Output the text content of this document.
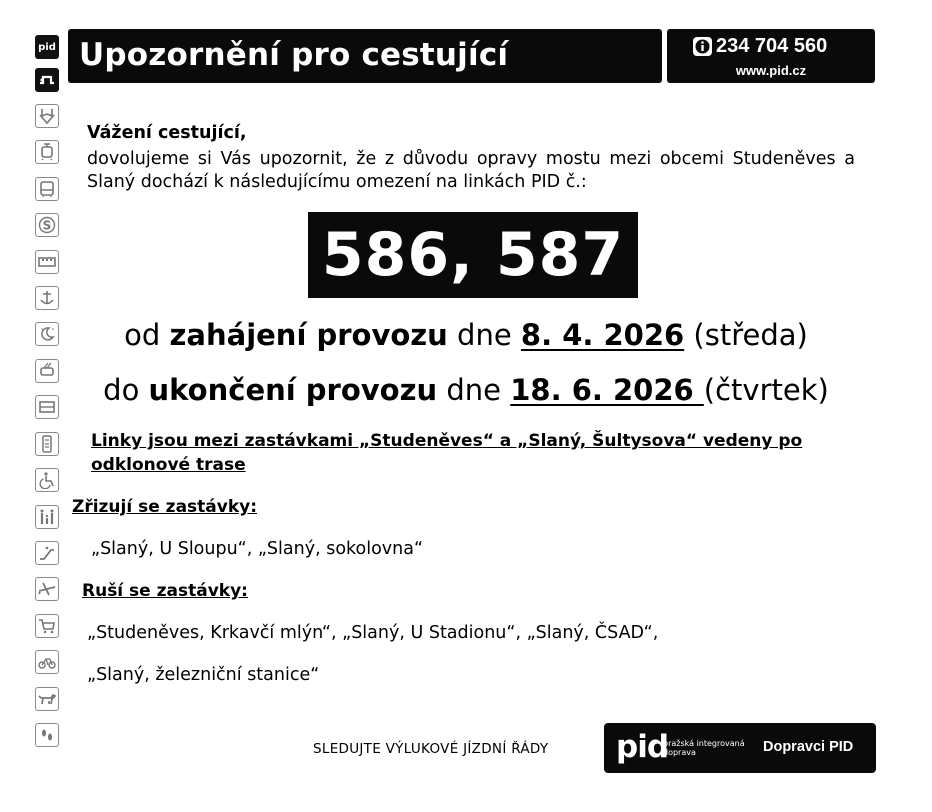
pid
S
Upozornění pro cestující	234 704 560
www.pid.cz
Vážení cestující,
dovolujeme si Vás upozornit, že z důvodu opravy mostu mezi obcemi Studeněves a Slaný dochází k následujícímu omezení na linkách PID č.:
586, 587
od zahájení provozu dne 8. 4. 2026 (středa)
do ukončení provozu dne 18. 6. 2026 (čtvrtek)
Linky jsou mezi zastávkami „Studeněves“ a „Slaný, Šultysova“ vedeny po odklonové trase
Zřizují se zastávky:
„Slaný, U Sloupu“, „Slaný, sokolovna“
Ruší se zastávky:
„Studeněves, Krkavčí mlýn“, „Slaný, U Stadionu“, „Slaný, ČSAD“,
„Slaný, železniční stanice“
SLEDUJTE VÝLUKOVÉ JÍZDNÍ ŘÁDY pid
pražská integrovaná
doprava	Dopravci PID
